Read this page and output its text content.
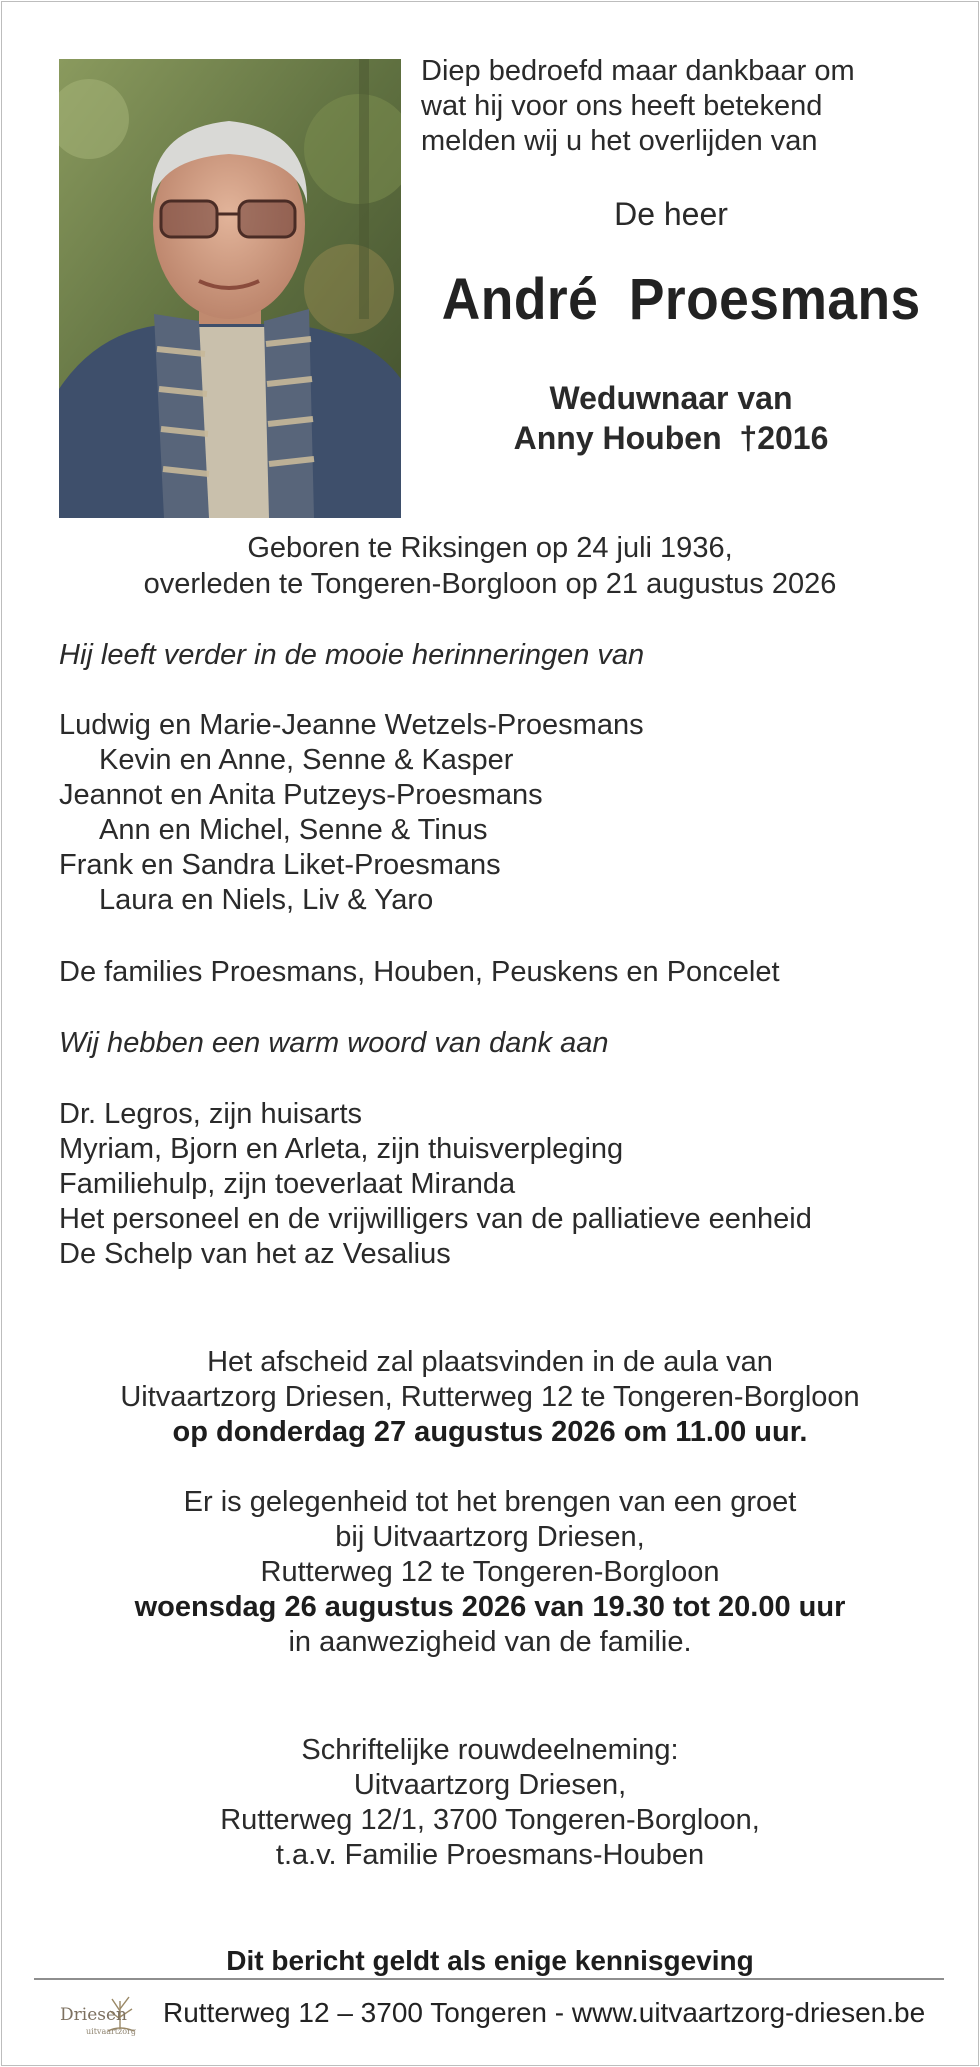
Diep bedroefd maar dankbaar om
wat hij voor ons heeft betekend
melden wij u het overlijden van
De heer
André  Proesmans
Weduwnaar van
Anny Houben  †2016
Geboren te Riksingen op 24 juli 1936,
overleden te Tongeren-Borgloon op 21 augustus 2026
Hij leeft verder in de mooie herinneringen van
Ludwig en Marie-Jeanne Wetzels-Proesmans
Kevin en Anne, Senne & Kasper
Jeannot en Anita Putzeys-Proesmans
Ann en Michel, Senne & Tinus
Frank en Sandra Liket-Proesmans
Laura en Niels, Liv & Yaro
De families Proesmans, Houben, Peuskens en Poncelet
Wij hebben een warm woord van dank aan
Dr. Legros, zijn huisarts
Myriam, Bjorn en Arleta, zijn thuisverpleging
Familiehulp, zijn toeverlaat Miranda
Het personeel en de vrijwilligers van de palliatieve eenheid
De Schelp van het az Vesalius
Het afscheid zal plaatsvinden in de aula van
Uitvaartzorg Driesen, Rutterweg 12 te Tongeren-Borgloon
op donderdag 27 augustus 2026 om 11.00 uur.
Er is gelegenheid tot het brengen van een groet
bij Uitvaartzorg Driesen,
Rutterweg 12 te Tongeren-Borgloon
woensdag 26 augustus 2026 van 19.30 tot 20.00 uur
in aanwezigheid van de familie.
Schriftelijke rouwdeelneming:
Uitvaartzorg Driesen,
Rutterweg 12/1, 3700 Tongeren-Borgloon,
t.a.v. Familie Proesmans-Houben
Dit bericht geldt als enige kennisgeving
Driesen
uitvaartzorg
Rutterweg 12 – 3700 Tongeren - www.uitvaartzorg-driesen.be
